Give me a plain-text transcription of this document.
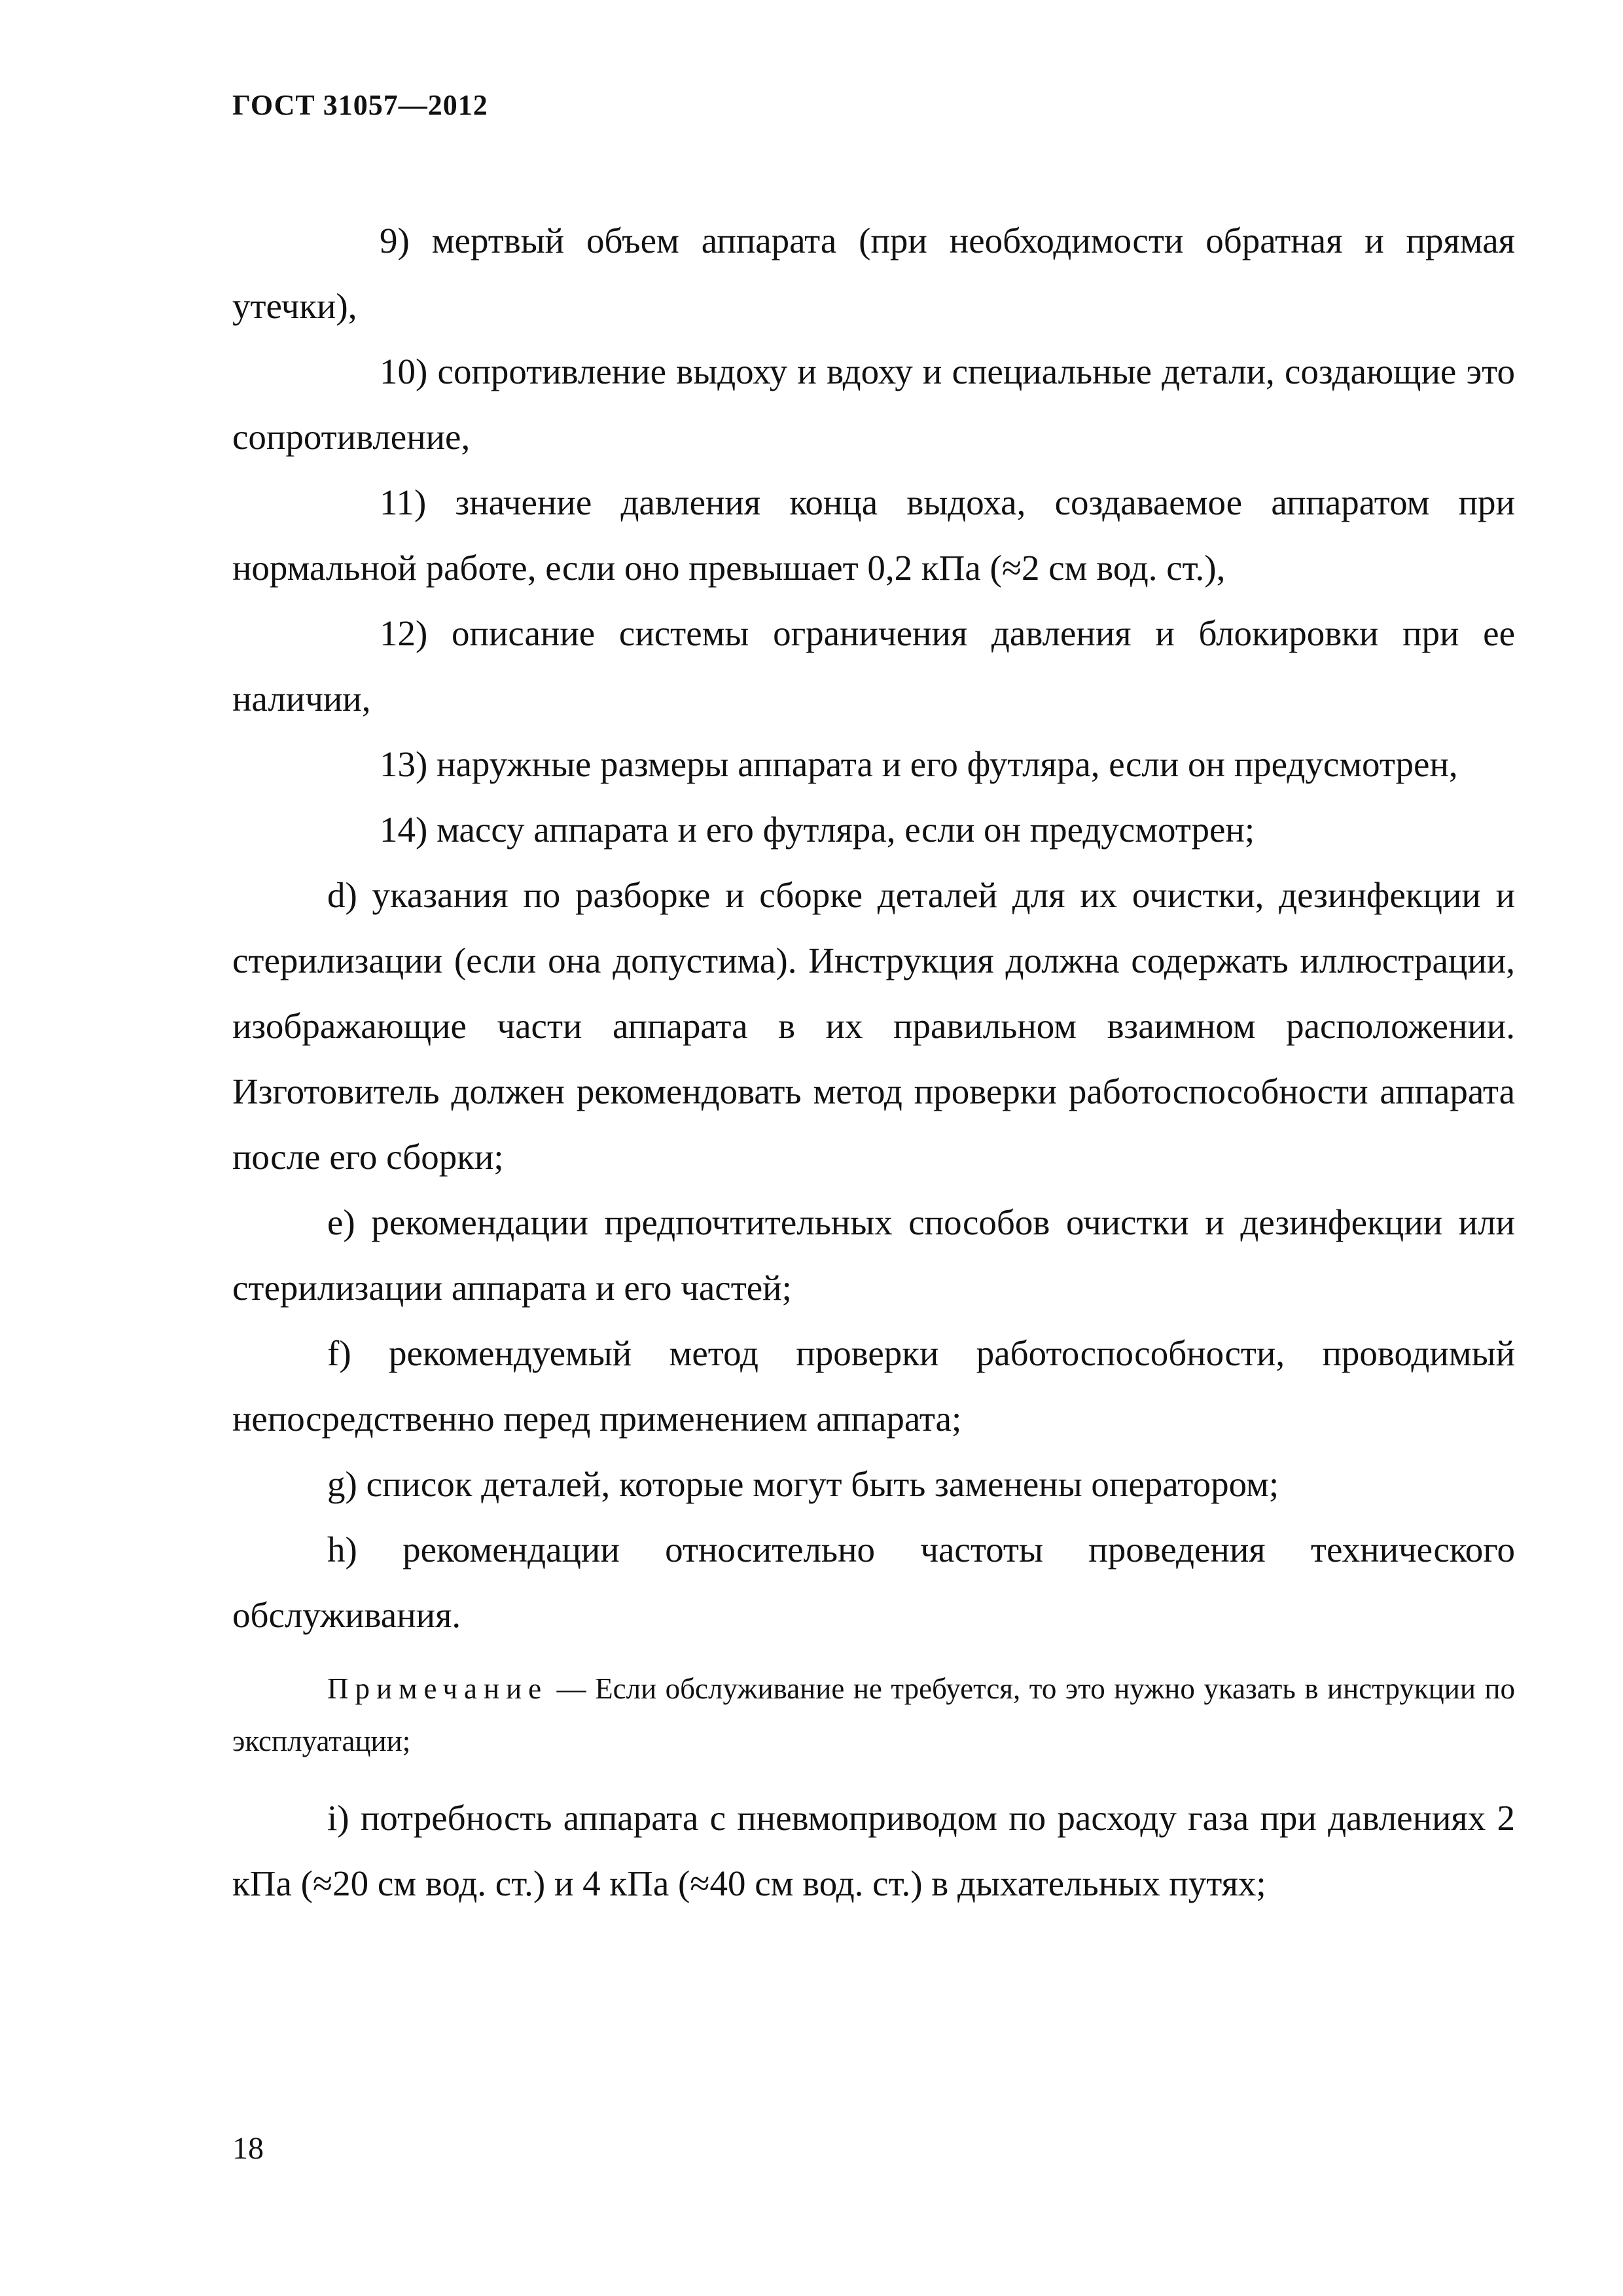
ГОСТ 31057—2012

9) мертвый объем аппарата (при необходимости обратная и прямая утечки),

10) сопротивление выдоху и вдоху и специальные детали, создающие это сопротивление,

11) значение давления конца выдоха, создаваемое аппаратом при нормальной работе, если оно превышает 0,2 кПа (≈2 см вод. ст.),

12) описание системы ограничения давления и блокировки при ее наличии,

13) наружные размеры аппарата и его футляра, если он предусмотрен,

14) массу аппарата и его футляра, если он предусмотрен;

d) указания по разборке и сборке деталей для их очистки, дезинфекции и стерилизации (если она допустима). Инструкция должна содержать иллюстрации, изображающие части аппарата в их правильном взаимном расположении. Изготовитель должен рекомендовать метод проверки работоспособности аппарата после его сборки;

e) рекомендации предпочтительных способов очистки и дезинфекции или стерилизации аппарата и его частей;

f) рекомендуемый метод проверки работоспособности, проводимый непосредственно перед применением аппарата;

g) список деталей, которые могут быть заменены оператором;

h) рекомендации относительно частоты проведения технического обслуживания.

Примечание — Если обслуживание не требуется, то это нужно указать в инструкции по эксплуатации;

i) потребность аппарата с пневмоприводом по расходу газа при давлениях 2 кПа (≈20 см вод. ст.) и 4 кПа (≈40 см вод. ст.) в дыхательных путях;

18
